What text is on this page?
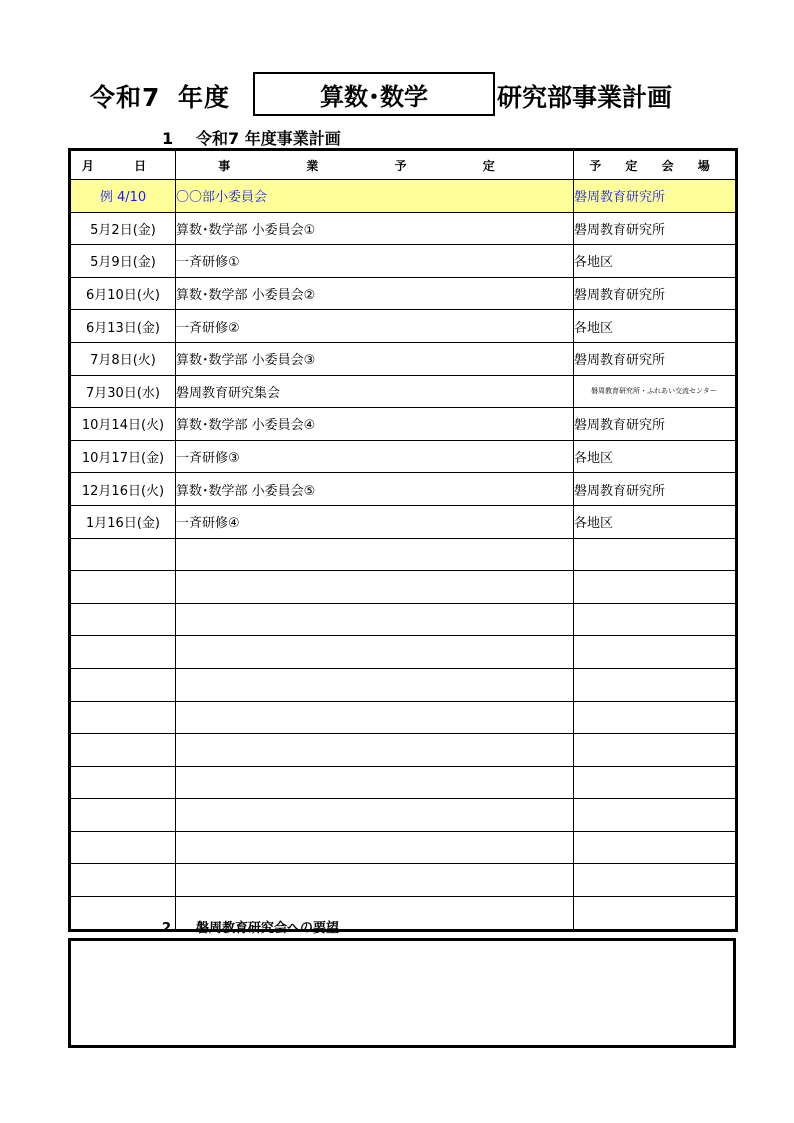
令和7 年度	算数･数学	研究部事業計画
1 令和7 年度事業計画
月 日	事 業 予 定	予 定 会 場
例 4/10	〇〇部小委員会	磐周教育研究所
5月2日(金)	算数･数学部 小委員会①	磐周教育研究所
5月9日(金)	一斉研修①	各地区
6月10日(火)	算数･数学部 小委員会②	磐周教育研究所
6月13日(金)	一斉研修②	各地区
7月8日(火)	算数･数学部 小委員会③	磐周教育研究所
7月30日(水)	磐周教育研究集会	磐周教育研究所・ふれあい交流センター
10月14日(火)	算数･数学部 小委員会④	磐周教育研究所
10月17日(金)	一斉研修③	各地区
12月16日(火)	算数･数学部 小委員会⑤	磐周教育研究所
1月16日(金)	一斉研修④	各地区

2 磐周教育研究会への要望
